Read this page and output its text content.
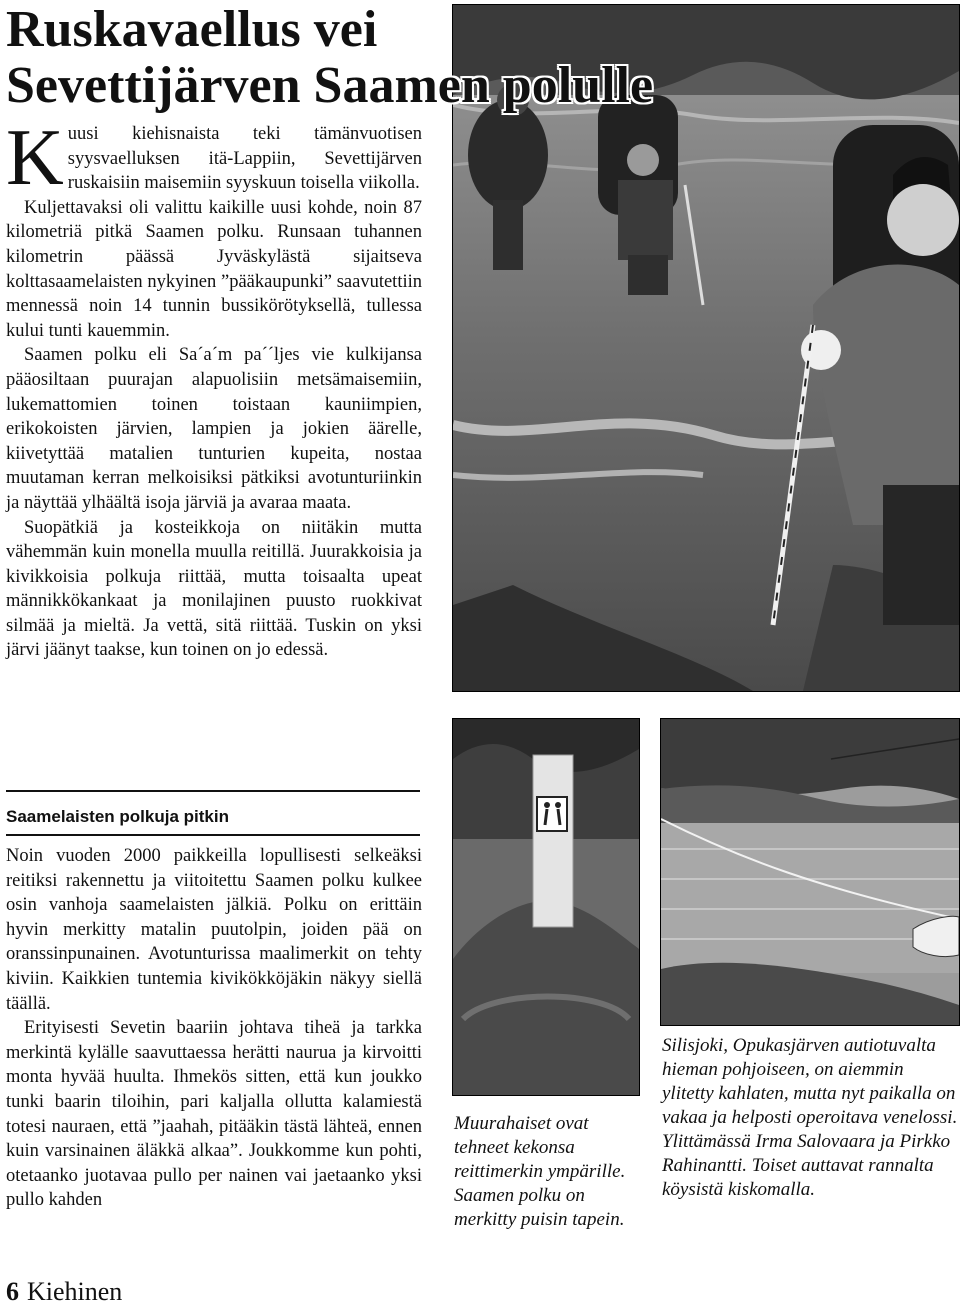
Ruskavaellus vei
Sevettijärven Saamen polulle

Kuusi kiehisnaista teki tämänvuotisen syysvaelluksen itä-Lappiin, Sevettijärven ruskaisiin maisemiin syyskuun toisella viikolla.

Kuljettavaksi oli valittu kaikille uusi kohde, noin 87 kilometriä pitkä Saamen polku. Runsaan tuhannen kilometrin päässä Jyväskylästä sijaitseva kolttasaamelaisten nykyinen ”pääkaupunki” saavutettiin mennessä noin 14 tunnin bussikörötyksellä, tullessa kului tunti kauemmin.

Saamen polku eli Sa´a´m pa´´ljes vie kulkijansa pääosiltaan puurajan alapuolisiin metsämaisemiin, lukemattomien toinen toistaan kauniimpien, erikokoisten järvien, lampien ja jokien äärelle, kiivetyttää matalien tunturien kupeita, nostaa muutaman kerran melkoisiksi pätkiksi avotunturiinkin ja näyttää ylhäältä isoja järviä ja avaraa maata.

Suopätkiä ja kosteikkoja on niitäkin mutta vähemmän kuin monella muulla reitillä. Juurakkoisia ja kivikkoisia polkuja riittää, mutta toisaalta upeat männikkökankaat ja monilajinen puusto ruokkivat silmää ja mieltä. Ja vettä, sitä riittää. Tuskin on yksi järvi jäänyt taakse, kun toinen on jo edessä.

Saamelaisten polkuja pitkin

Noin vuoden 2000 paikkeilla lopullisesti selkeäksi reitiksi rakennettu ja viitoitettu Saamen polku kulkee osin vanhoja saamelaisten jälkiä. Polku on erittäin hyvin merkitty matalin puutolpin, joiden pää on oranssinpunainen. Avotunturissa maalimerkit on tehty kiviin. Kaikkien tuntemia kivikökköjäkin näkyy siellä täällä.

Erityisesti Sevetin baariin johtava tiheä ja tarkka merkintä kylälle saavuttaessa herätti naurua ja kirvoitti monta hyvää huulta. Ihmekös sitten, että kun joukko tunki baarin tiloihin, pari kaljalla ollutta kalamiestä totesi nauraen, että ”jaahah, pitääkin tästä lähteä, ennen kuin varsinainen äläkkä alkaa”. Joukkomme kun pohti, otetaanko juotavaa pullo per nainen vai jaetaanko yksi pullo kahden

Muurahaiset ovat tehneet kekonsa reittimerkin ympärille. Saamen polku on merkitty puisin tapein.

Silisjoki, Opukasjärven autiotuvalta hieman pohjoiseen, on aiemmin ylitetty kahlaten, mutta nyt paikalla on vakaa ja helposti operoitava venelossi. Ylittämässä Irma Salovaara ja Pirkko Rahinantti. Toiset auttavat rannalta köysistä kiskomalla.

6 Kiehinen
